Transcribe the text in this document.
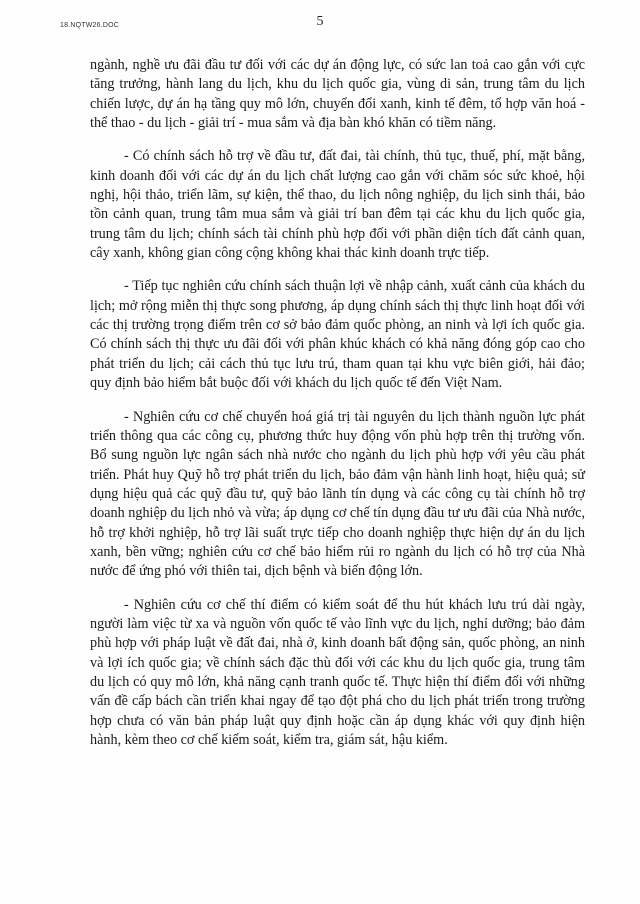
18.NQTW26.DOC	5

ngành, nghề ưu đãi đầu tư đối với các dự án động lực, có sức lan toả cao gắn với cực tăng trưởng, hành lang du lịch, khu du lịch quốc gia, vùng di sản, trung tâm du lịch chiến lược, dự án hạ tầng quy mô lớn, chuyển đổi xanh, kinh tế đêm, tổ hợp văn hoá - thể thao - du lịch - giải trí - mua sắm và địa bàn khó khăn có tiềm năng.

- Có chính sách hỗ trợ về đầu tư, đất đai, tài chính, thủ tục, thuế, phí, mặt bằng, kinh doanh đối với các dự án du lịch chất lượng cao gắn với chăm sóc sức khoẻ, hội nghị, hội thảo, triển lãm, sự kiện, thể thao, du lịch nông nghiệp, du lịch sinh thái, bảo tồn cảnh quan, trung tâm mua sắm và giải trí ban đêm tại các khu du lịch quốc gia, trung tâm du lịch; chính sách tài chính phù hợp đối với phần diện tích đất cảnh quan, cây xanh, không gian công cộng không khai thác kinh doanh trực tiếp.

- Tiếp tục nghiên cứu chính sách thuận lợi về nhập cảnh, xuất cảnh của khách du lịch; mở rộng miễn thị thực song phương, áp dụng chính sách thị thực linh hoạt đối với các thị trường trọng điểm trên cơ sở bảo đảm quốc phòng, an ninh và lợi ích quốc gia. Có chính sách thị thực ưu đãi đối với phân khúc khách có khả năng đóng góp cao cho phát triển du lịch; cải cách thủ tục lưu trú, tham quan tại khu vực biên giới, hải đảo; quy định bảo hiểm bắt buộc đối với khách du lịch quốc tế đến Việt Nam.

- Nghiên cứu cơ chế chuyển hoá giá trị tài nguyên du lịch thành nguồn lực phát triển thông qua các công cụ, phương thức huy động vốn phù hợp trên thị trường vốn. Bổ sung nguồn lực ngân sách nhà nước cho ngành du lịch phù hợp với yêu cầu phát triển. Phát huy Quỹ hỗ trợ phát triển du lịch, bảo đảm vận hành linh hoạt, hiệu quả; sử dụng hiệu quả các quỹ đầu tư, quỹ bảo lãnh tín dụng và các công cụ tài chính hỗ trợ doanh nghiệp du lịch nhỏ và vừa; áp dụng cơ chế tín dụng đầu tư ưu đãi của Nhà nước, hỗ trợ khởi nghiệp, hỗ trợ lãi suất trực tiếp cho doanh nghiệp thực hiện dự án du lịch xanh, bền vững; nghiên cứu cơ chế bảo hiểm rủi ro ngành du lịch có hỗ trợ của Nhà nước để ứng phó với thiên tai, dịch bệnh và biến động lớn.

- Nghiên cứu cơ chế thí điểm có kiểm soát để thu hút khách lưu trú dài ngày, người làm việc từ xa và nguồn vốn quốc tế vào lĩnh vực du lịch, nghỉ dưỡng; bảo đảm phù hợp với pháp luật về đất đai, nhà ở, kinh doanh bất động sản, quốc phòng, an ninh và lợi ích quốc gia; về chính sách đặc thù đối với các khu du lịch quốc gia, trung tâm du lịch có quy mô lớn, khả năng cạnh tranh quốc tế. Thực hiện thí điểm đối với những vấn đề cấp bách cần triển khai ngay để tạo đột phá cho du lịch phát triển trong trường hợp chưa có văn bản pháp luật quy định hoặc cần áp dụng khác với quy định hiện hành, kèm theo cơ chế kiểm soát, kiểm tra, giám sát, hậu kiểm.
